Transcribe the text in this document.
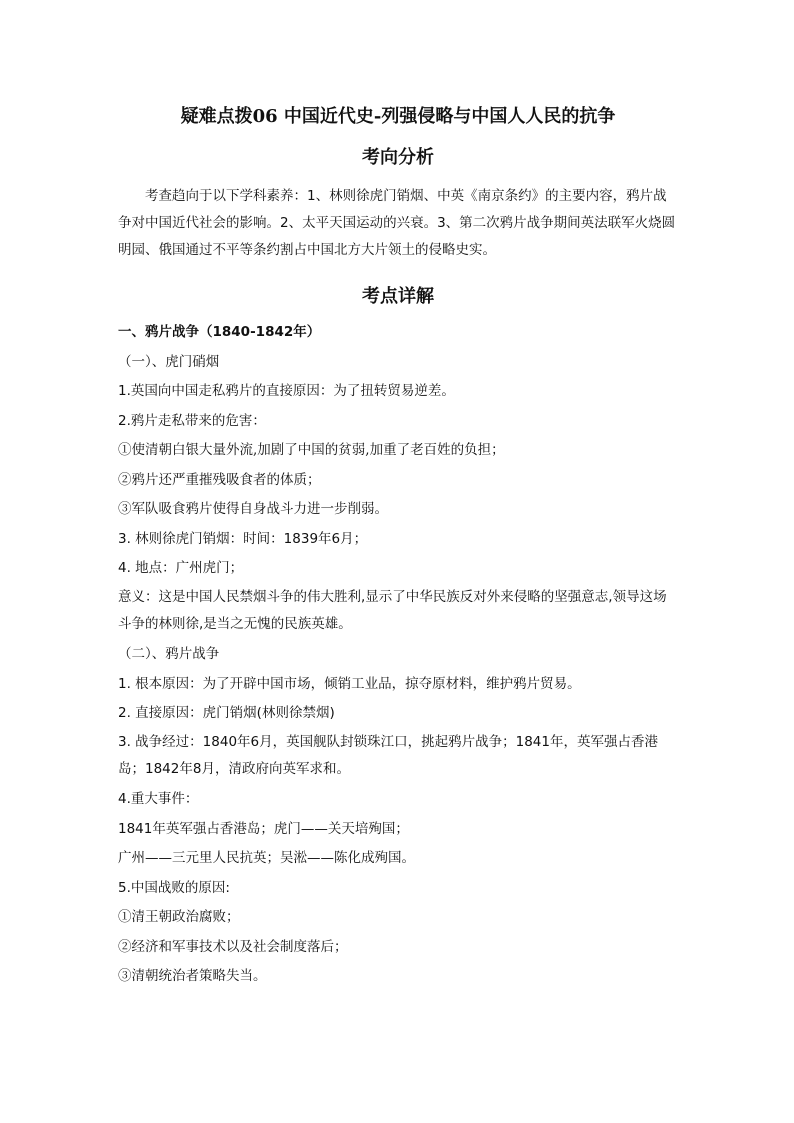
疑难点拨06 中国近代史-列强侵略与中国人人民的抗争
考向分析

考查趋向于以下学科素养：1、林则徐虎门销烟、中英《南京条约》的主要内容，鸦片战争对中国近代社会的影响。2、太平天国运动的兴衰。3、第二次鸦片战争期间英法联军火烧圆明园、俄国通过不平等条约割占中国北方大片领土的侵略史实。

考点详解

一、鸦片战争（1840-1842年）

（一）、虎门硝烟

1.英国向中国走私鸦片的直接原因：为了扭转贸易逆差。

2.鸦片走私带来的危害：

①使清朝白银大量外流,加剧了中国的贫弱,加重了老百姓的负担；

②鸦片还严重摧残吸食者的体质；

③军队吸食鸦片使得自身战斗力进一步削弱。

3. 林则徐虎门销烟：时间：1839年6月；

4. 地点：广州虎门；

意义：这是中国人民禁烟斗争的伟大胜利,显示了中华民族反对外来侵略的坚强意志,领导这场斗争的林则徐,是当之无愧的民族英雄。

（二）、鸦片战争

1. 根本原因：为了开辟中国市场，倾销工业品，掠夺原材料，维护鸦片贸易。

2. 直接原因：虎门销烟(林则徐禁烟)

3. 战争经过：1840年6月，英国舰队封锁珠江口，挑起鸦片战争；1841年，英军强占香港岛；1842年8月，清政府向英军求和。

4.重大事件：

1841年英军强占香港岛；虎门——关天培殉国；

广州——三元里人民抗英；吴淞——陈化成殉国。

5.中国战败的原因:

①清王朝政治腐败；

②经济和军事技术以及社会制度落后；

③清朝统治者策略失当。
